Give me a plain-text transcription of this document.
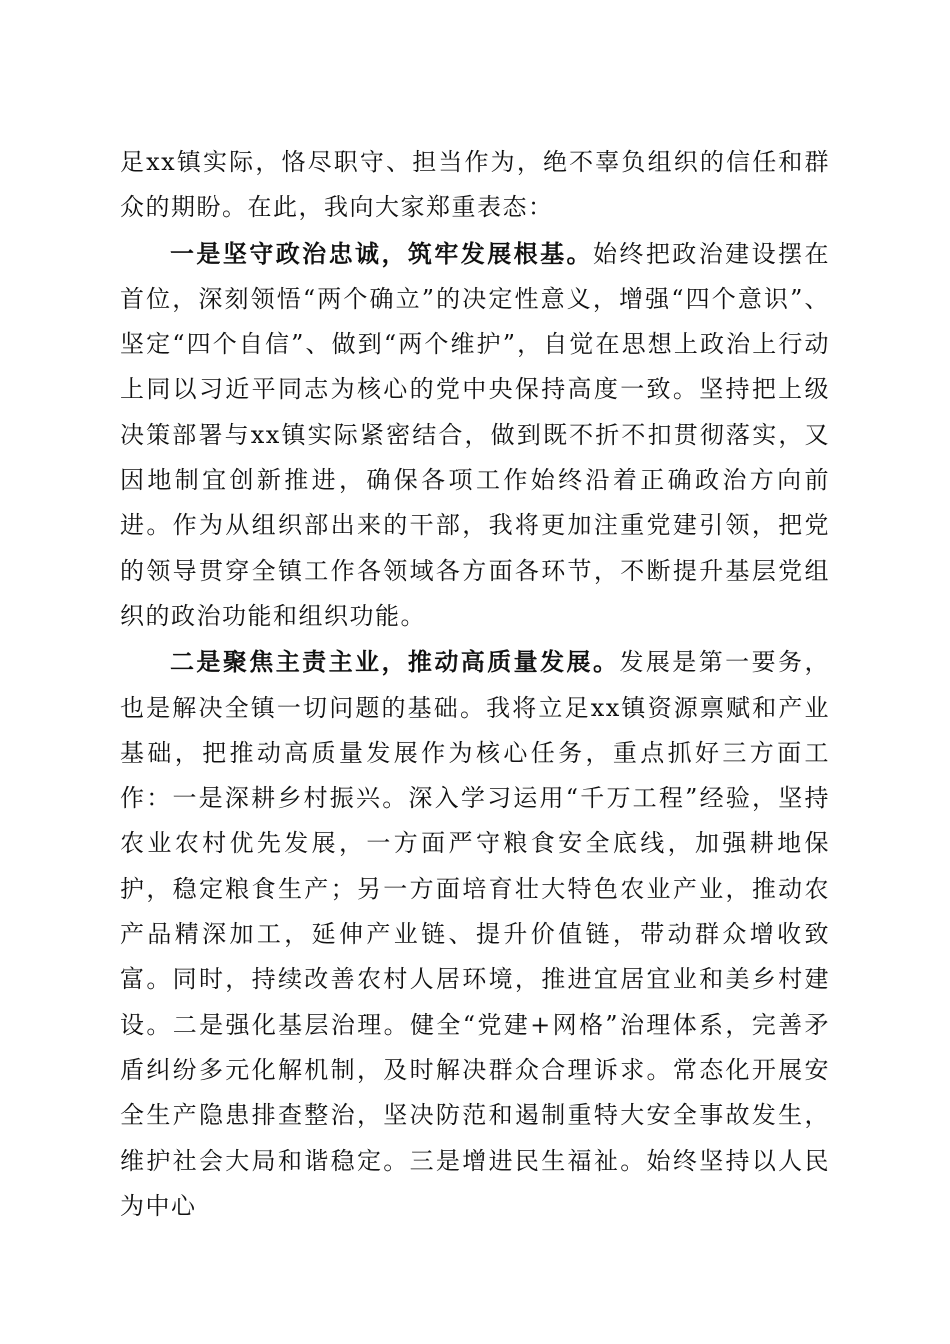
足xx镇实际，恪尽职守、担当作为，绝不辜负组织的信任和群众的期盼。在此，我向大家郑重表态：

一是坚守政治忠诚，筑牢发展根基。始终把政治建设摆在首位，深刻领悟“两个确立”的决定性意义，增强“四个意识”、坚定“四个自信”、做到“两个维护”，自觉在思想上政治上行动上同以习近平同志为核心的党中央保持高度一致。坚持把上级决策部署与xx镇实际紧密结合，做到既不折不扣贯彻落实，又因地制宜创新推进，确保各项工作始终沿着正确政治方向前进。作为从组织部出来的干部，我将更加注重党建引领，把党的领导贯穿全镇工作各领域各方面各环节，不断提升基层党组织的政治功能和组织功能。

二是聚焦主责主业，推动高质量发展。发展是第一要务，也是解决全镇一切问题的基础。我将立足xx镇资源禀赋和产业基础，把推动高质量发展作为核心任务，重点抓好三方面工作：一是深耕乡村振兴。深入学习运用“千万工程”经验，坚持农业农村优先发展，一方面严守粮食安全底线，加强耕地保护，稳定粮食生产；另一方面培育壮大特色农业产业，推动农产品精深加工，延伸产业链、提升价值链，带动群众增收致富。同时，持续改善农村人居环境，推进宜居宜业和美乡村建设。二是强化基层治理。健全“党建+网格”治理体系，完善矛盾纠纷多元化解机制，及时解决群众合理诉求。常态化开展安全生产隐患排查整治，坚决防范和遏制重特大安全事故发生，维护社会大局和谐稳定。三是增进民生福祉。始终坚持以人民为中心
